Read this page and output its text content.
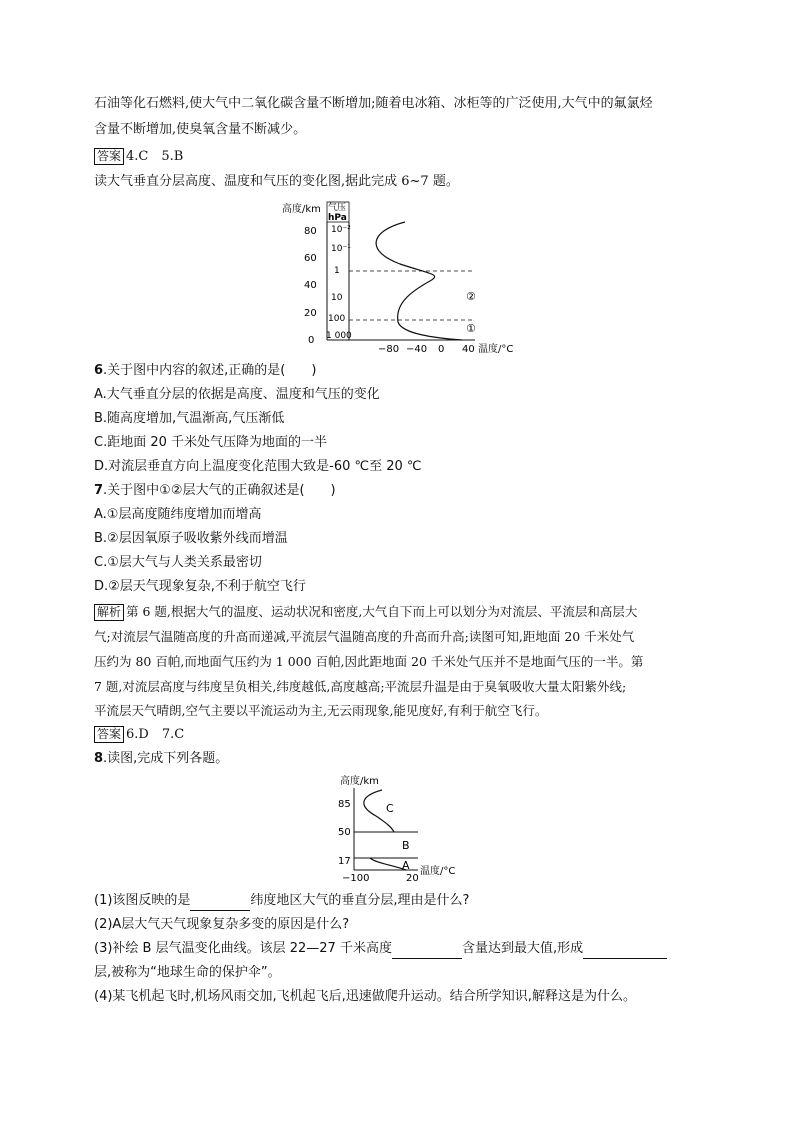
石油等化石燃料,使大气中二氧化碳含量不断增加;随着电冰箱、冰柜等的广泛使用,大气中的氟氯烃
含量不断增加,使臭氧含量不断减少。
答案 4.C　5.B
读大气垂直分层高度、温度和气压的变化图,据此完成 6~7 题。
高度/km 气压
hPa
80
60
40
20
0
10⁻²
10⁻¹
1
10
100
1 000
②
①
−80 −40 0 40 温度/°C
6.关于图中内容的叙述,正确的是(　　)
A.大气垂直分层的依据是高度、温度和气压的变化
B.随高度增加,气温渐高,气压渐低
C.距地面 20 千米处气压降为地面的一半
D.对流层垂直方向上温度变化范围大致是-60 ℃至 20 ℃
7.关于图中①②层大气的正确叙述是(　　)
A.①层高度随纬度增加而增高
B.②层因氧原子吸收紫外线而增温
C.①层大气与人类关系最密切
D.②层天气现象复杂,不利于航空飞行
解析 第 6 题,根据大气的温度、运动状况和密度,大气自下而上可以划分为对流层、平流层和高层大
气;对流层气温随高度的升高而递减,平流层气温随高度的升高而升高;读图可知,距地面 20 千米处气
压约为 80 百帕,而地面气压约为 1 000 百帕,因此距地面 20 千米处气压并不是地面气压的一半。第
7 题,对流层高度与纬度呈负相关,纬度越低,高度越高;平流层升温是由于臭氧吸收大量太阳紫外线;
平流层天气晴朗,空气主要以平流运动为主,无云雨现象,能见度好,有利于航空飞行。
答案 6.D　7.C
8.读图,完成下列各题。
高度/km
85
50
17
C
B
A
−100	20
温度/°C
(1)该图反映的是	纬度地区大气的垂直分层,理由是什么?
(2)A层大气天气现象复杂多变的原因是什么?
(3)补绘 B 层气温变化曲线。该层 22—27 千米高度	含量达到最大值,形成
层,被称为“地球生命的保护伞”。
(4)某飞机起飞时,机场风雨交加,飞机起飞后,迅速做爬升运动。结合所学知识,解释这是为什么。
